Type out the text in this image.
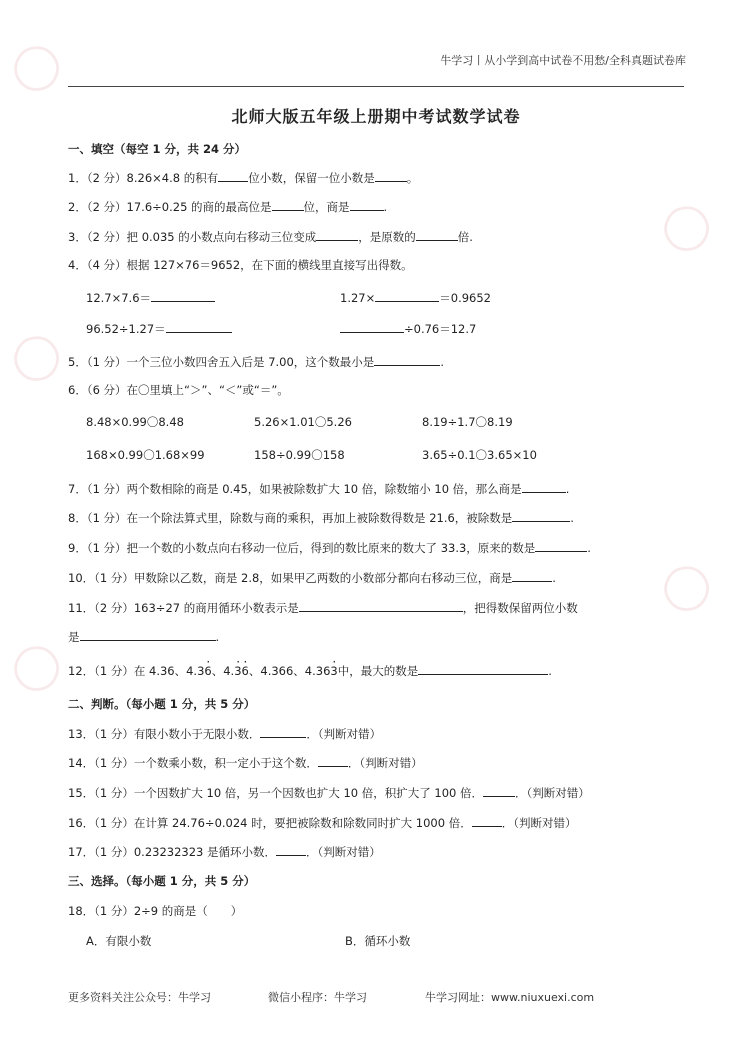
◯
◯
◯
◯
◯
牛学习丨从小学到高中试卷不用愁/全科真题试卷库
北师大版五年级上册期中考试数学试卷
一、填空（每空 1 分，共 24 分）
1．（2 分）8.26×4.8 的积有	位小数，保留一位小数是	。
2．（2 分）17.6÷0.25 的商的最高位是	位，商是	.
3．（2 分）把 0.035 的小数点向右移动三位变成	，是原数的	倍.
4．（4 分）根据 127×76＝9652，在下面的横线里直接写出得数。
12.7×7.6＝	1.27×	＝0.9652
96.52÷1.27＝	÷0.76＝12.7
5．（1 分）一个三位小数四舍五入后是 7.00，这个数最小是	.
6．（6 分）在〇里填上“＞”、“＜”或“＝”。
8.48×0.99〇8.48	5.26×1.01〇5.26	8.19÷1.7〇8.19
168×0.99〇1.68×99	158÷0.99〇158	3.65÷0.1〇3.65×10
7．（1 分）两个数相除的商是 0.45，如果被除数扩大 10 倍，除数缩小 10 倍，那么商是	.
8．（1 分）在一个除法算式里，除数与商的乘积，再加上被除数得数是 21.6，被除数是	.
9．（1 分）把一个数的小数点向右移动一位后，得到的数比原来的数大了 33.3，原来的数是	.
10．（1 分）甲数除以乙数，商是 2.8，如果甲乙两数的小数部分都向右移动三位，商是	.
11．（2 分）163÷27 的商用循环小数表示是	，把得数保留两位小数
是	.
12．（1 分）在 4.36、4.3· 6、4.· 3· 6、4.366、4.36· 3中，最大的数是	.
二、判断。（每小题 1 分，共 5 分）
13．（1 分）有限小数小于无限小数．	．（判断对错）
14．（1 分）一个数乘小数，积一定小于这个数．	．（判断对错）
15．（1 分）一个因数扩大 10 倍，另一个因数也扩大 10 倍，积扩大了 100 倍．	．（判断对错）
16．（1 分）在计算 24.76÷0.024 时，要把被除数和除数同时扩大 1000 倍．	．（判断对错）
17．（1 分）0.23232323 是循环小数．	．（判断对错）
三、选择。（每小题 1 分，共 5 分）
18．（1 分）2÷9 的商是（　　）
A．有限小数	B．循环小数
更多资料关注公众号：牛学习	微信小程序：牛学习	牛学习网址：www.niuxuexi.com
